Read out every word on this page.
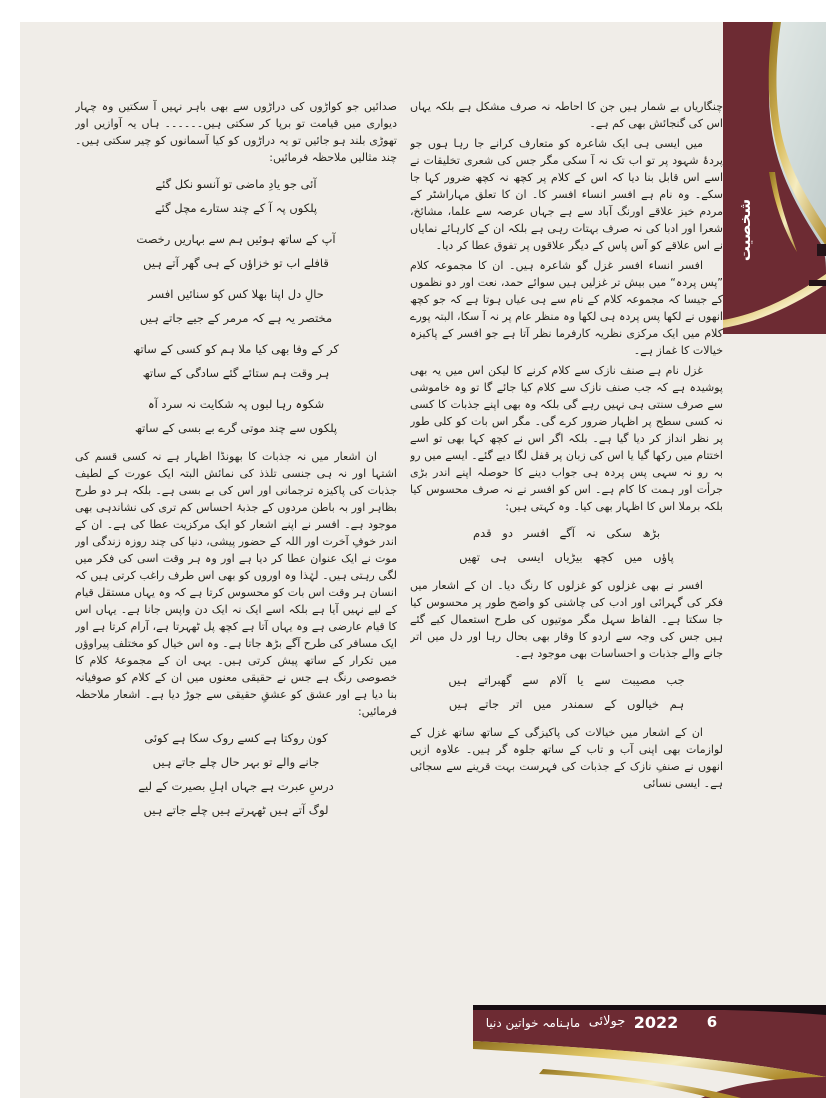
شخصیت

صدائیں جو کواڑوں کی دراڑوں سے بھی باہر نہیں آ سکتیں وہ چہار دیواری میں قیامت تو برپا کر سکتی ہیں۔۔۔۔۔۔ ہاں یہ آوازیں اور تھوڑی بلند ہو جائیں تو یہ دراڑوں کو کیا آسمانوں کو چیر سکتی ہیں۔ چند مثالیں ملاحظہ فرمائیں:

آئی جو یادِ ماضی تو آنسو نکل گئے
پلکوں پہ آ کے چند ستارے مچل گئے
آپ کے ساتھ ہوئیں ہم سے بہاریں رخصت
قافلے اب تو خزاؤں کے ہی گھر آتے ہیں
حالِ دل اپنا بھلا کس کو سنائیں افسر
مختصر یہ ہے کہ مرمر کے جیے جاتے ہیں
کر کے وفا بھی کیا ملا ہم کو کسی کے ساتھ
ہر وقت ہم ستائے گئے سادگی کے ساتھ
شکوہ رہا لبوں پہ شکایت نہ سرد آہ
پلکوں سے چند موتی گرے بے بسی کے ساتھ

ان اشعار میں نہ جذبات کا بھونڈا اظہار ہے نہ کسی قسم کی اشتہا اور نہ ہی جنسی تلذذ کی نمائش البتہ ایک عورت کے لطیف جذبات کی پاکیزہ ترجمانی اور اس کی بے بسی ہے۔ بلکہ ہر دو طرح بظاہر اور بہ باطن مردوں کے جذبۂ احساس کم تری کی نشاندہی بھی موجود ہے۔ افسر نے اپنے اشعار کو ایک مرکزیت عطا کی ہے۔ ان کے اندر خوفِ آخرت اور اللہ کے حضور پیشی، دنیا کی چند روزہ زندگی اور موت نے ایک عنوان عطا کر دیا ہے اور وہ ہر وقت اسی کی فکر میں لگی رہتی ہیں۔ لہٰذا وہ اوروں کو بھی اس طرف راغب کرتی ہیں کہ انسان ہر وقت اس بات کو محسوس کرتا ہے کہ وہ یہاں مستقل قیام کے لیے نہیں آیا ہے بلکہ اسے ایک نہ ایک دن واپس جانا ہے۔ یہاں اس کا قیام عارضی ہے وہ یہاں آتا ہے کچھ پل ٹھہرتا ہے، آرام کرتا ہے اور ایک مسافر کی طرح آگے بڑھ جاتا ہے۔ وہ اس خیال کو مختلف پیراوؤں میں تکرار کے ساتھ پیش کرتی ہیں۔ یہی ان کے مجموعۂ کلام کا خصوصی رنگ ہے جس نے حقیقی معنوں میں ان کے کلام کو صوفیانہ بنا دیا ہے اور عشق کو عشقِ حقیقی سے جوڑ دیا ہے۔ اشعار ملاحظہ فرمائیں:

کون روکتا ہے کسے روک سکا ہے کوئی
جانے والے تو بہر حال چلے جاتے ہیں
درسِ عبرت ہے جہاں اہلِ بصیرت کے لیے
لوگ آتے ہیں ٹھہرتے ہیں چلے جاتے ہیں

چنگاریاں بے شمار ہیں جن کا احاطہ نہ صرف مشکل ہے بلکہ یہاں اس کی گنجائش بھی کم ہے۔

میں ایسی ہی ایک شاعرہ کو متعارف کرانے جا رہا ہوں جو پردۂ شہود پر تو اب تک نہ آ سکی مگر جس کی شعری تخلیقات نے اسے اس قابل بنا دیا کہ اس کے کلام پر کچھ نہ کچھ ضرور کہا جا سکے۔ وہ نام ہے افسر انساء افسر کا۔ ان کا تعلق مہاراشٹر کے مردم خیز علاقے اورنگ آباد سے ہے جہاں عرصہ سے علما، مشائخ، شعرا اور ادبا کی نہ صرف بہتات رہی ہے بلکہ ان کے کارہائے نمایاں نے اس علاقے کو آس پاس کے دیگر علاقوں پر تفوق عطا کر دیا۔

افسر انساء افسر غزل گو شاعرہ ہیں۔ ان کا مجموعہ کلام ”پس پردہ“ میں بیش تر غزلیں ہیں سوائے حمد، نعت اور دو نظموں کے جیسا کہ مجموعہ کلام کے نام سے ہی عیاں ہوتا ہے کہ جو کچھ انھوں نے لکھا پس پردہ ہی لکھا وہ منظر عام پر نہ آ سکا، البتہ پورے کلام میں ایک مرکزی نظریہ کارفرما نظر آتا ہے جو افسر کے پاکیزہ خیالات کا غماز ہے۔

غزل نام ہے صنف نازک سے کلام کرنے کا لیکن اس میں یہ بھی پوشیدہ ہے کہ جب صنف نازک سے کلام کیا جائے گا تو وہ خاموشی سے صرف سنتی ہی نہیں رہے گی بلکہ وہ بھی اپنے جذبات کا کسی نہ کسی سطح پر اظہار ضرور کرے گی۔ مگر اس بات کو کلی طور پر نظر انداز کر دیا گیا ہے۔ بلکہ اگر اس نے کچھ کہا بھی تو اسے اختتام میں رکھا گیا یا اس کی زبان پر قفل لگا دیے گئے۔ ایسے میں رو بہ رو نہ سہی پس پردہ ہی جواب دینے کا حوصلہ اپنے اندر بڑی جرأت اور ہمت کا کام ہے۔ اس کو افسر نے نہ صرف محسوس کیا بلکہ برملا اس کا اظہار بھی کیا۔ وہ کہتی ہیں:

بڑھ سکی نہ آگے افسر دو قدم
پاؤں میں کچھ بیڑیاں ایسی ہی تھیں

افسر نے بھی غزلوں کو غزلوں کا رنگ دیا۔ ان کے اشعار میں فکر کی گہرائی اور ادب کی چاشنی کو واضح طور پر محسوس کیا جا سکتا ہے۔ الفاظ سہل مگر موتیوں کی طرح استعمال کیے گئے ہیں جس کی وجہ سے اردو کا وقار بھی بحال رہا اور دل میں اتر جانے والے جذبات و احساسات بھی موجود ہے۔

جب مصیبت سے یا آلام سے گھبراتے ہیں
ہم خیالوں کے سمندر میں اتر جاتے ہیں

ان کے اشعار میں خیالات کی پاکیزگی کے ساتھ ساتھ غزل کے لوازمات بھی اپنی آب و تاب کے ساتھ جلوہ گر ہیں۔ علاوہ ازیں انھوں نے صنفِ نازک کے جذبات کی فہرست بہت قرینے سے سجائی ہے۔ ایسی نسائی

ماہنامہ خواتین دنیا جولائی 2022	6
